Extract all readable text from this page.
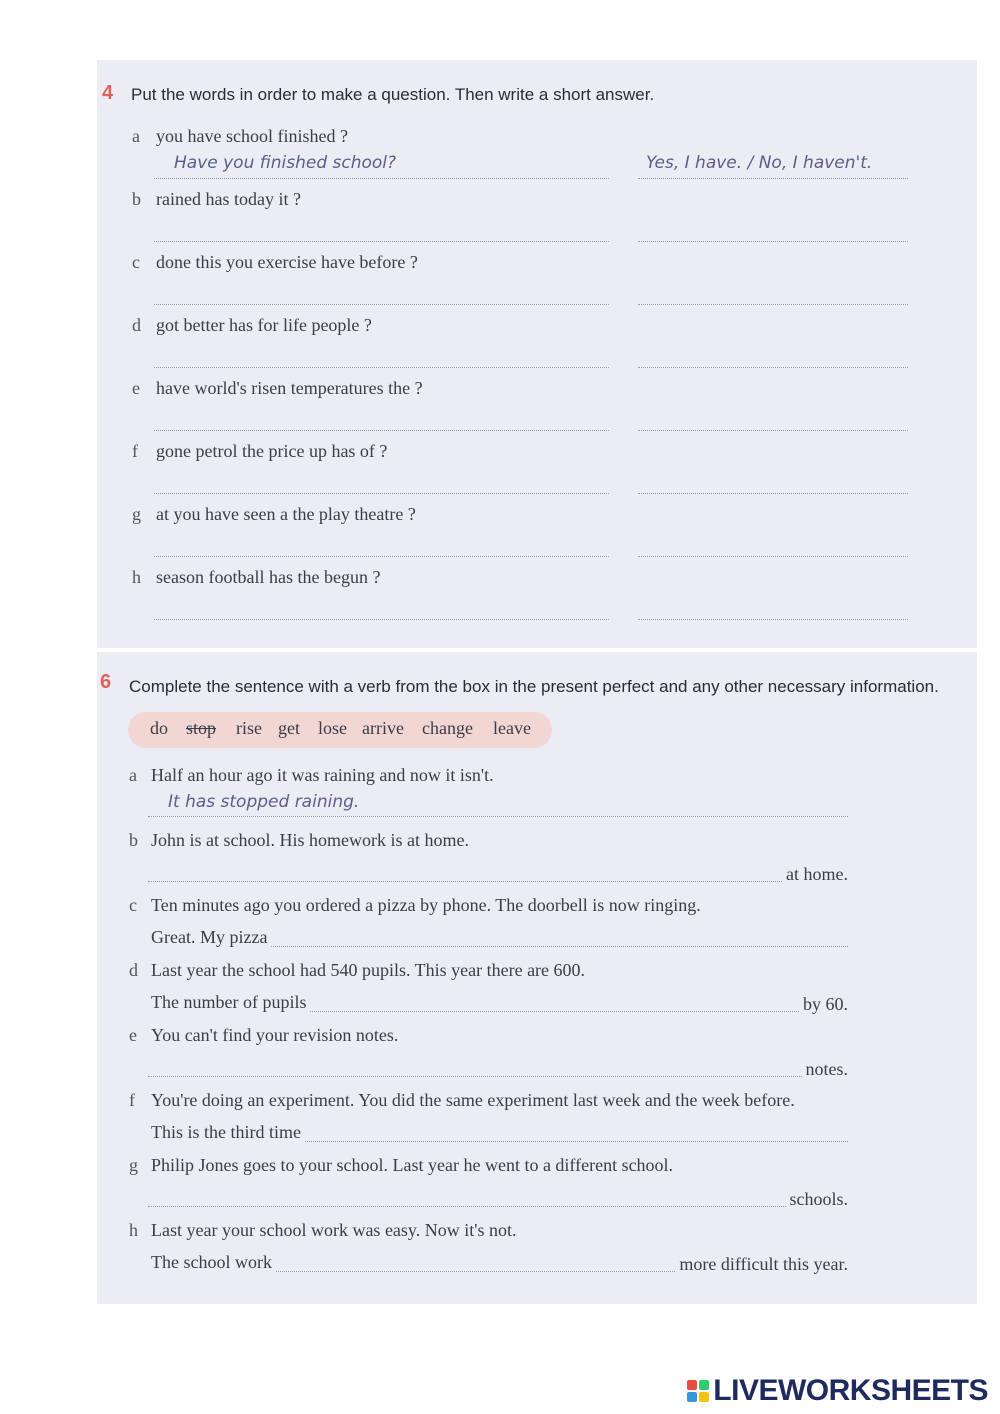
4 Put the words in order to make a question. Then write a short answer.
a you have school finished ?
Have you finished school?	Yes, I have. / No, I haven't.
b rained has today it ?
c done this you exercise have before ?
d got better has for life people ?
e have world's risen temperatures the ?
f gone petrol the price up has of ?
g at you have seen a the play theatre ?
h season football has the begun ?
6 Complete the sentence with a verb from the box in the present perfect and any other necessary information.
do stop rise get lose arrive change leave
a Half an hour ago it was raining and now it isn't.
It has stopped raining.
b John is at school. His homework is at home.
at home.
c Ten minutes ago you ordered a pizza by phone. The doorbell is now ringing.
Great. My pizza
d Last year the school had 540 pupils. This year there are 600.
The number of pupils	by 60.
e You can't find your revision notes.
notes.
f You're doing an experiment. You did the same experiment last week and the week before.
This is the third time
g Philip Jones goes to your school. Last year he went to a different school.
schools.
h Last year your school work was easy. Now it's not.
The school work	more difficult this year.
LIVEWORKSHEETS
